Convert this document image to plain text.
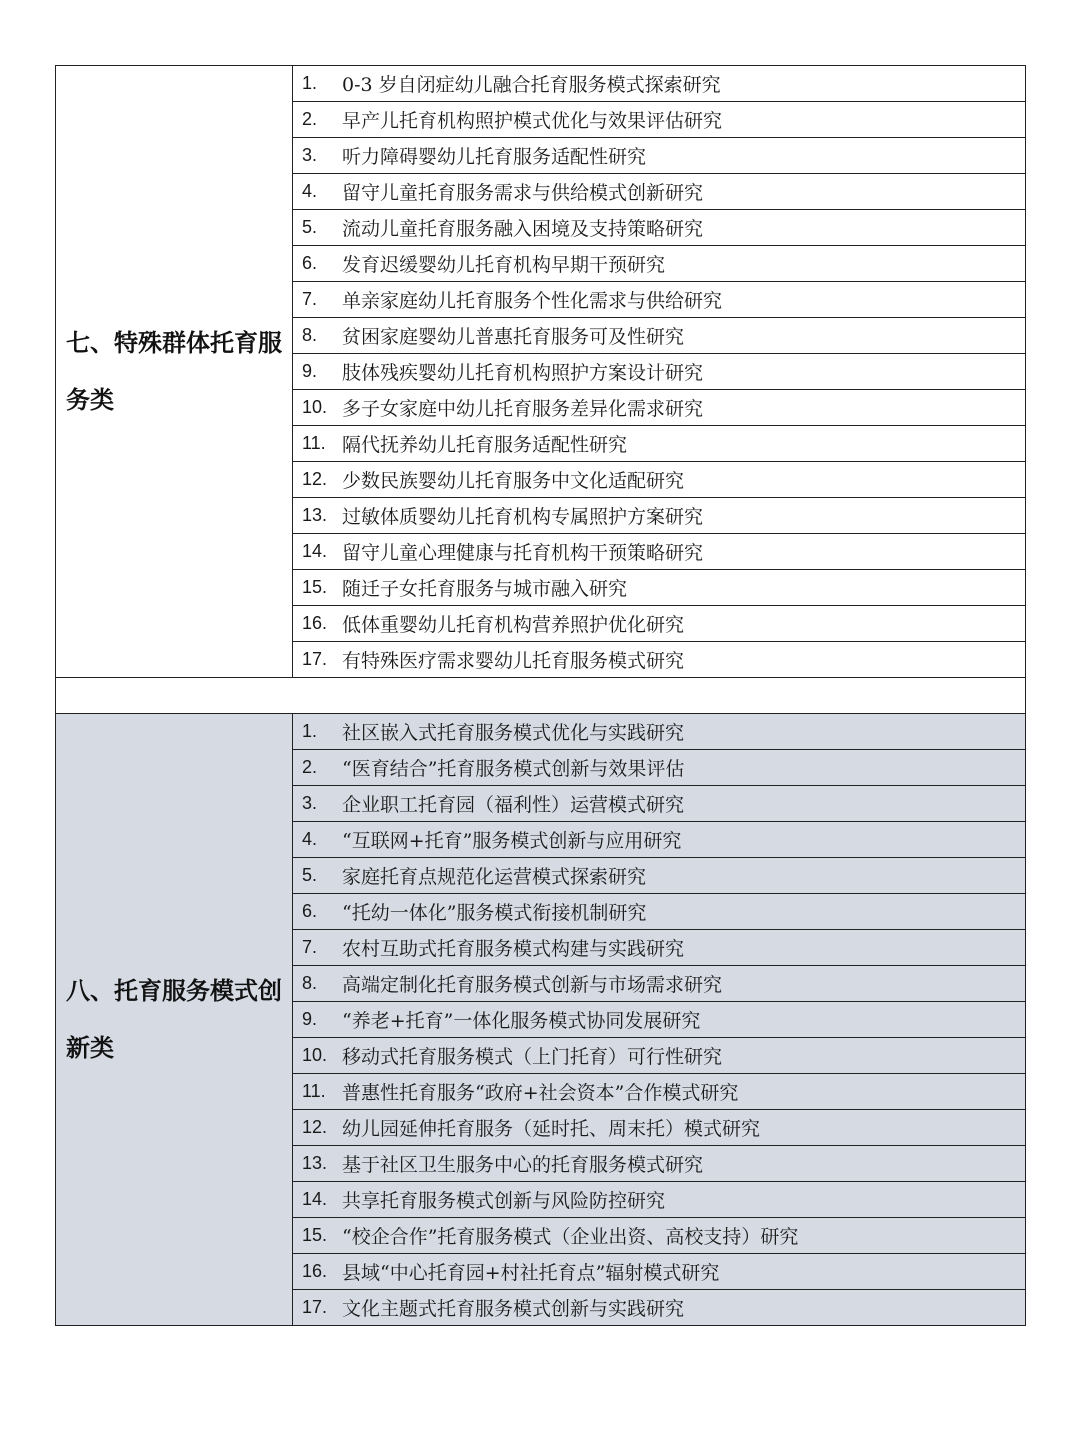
七、特殊群体托育服务类	1. 0-3 岁自闭症幼儿融合托育服务模式探索研究

	2. 早产儿托育机构照护模式优化与效果评估研究

	3. 听力障碍婴幼儿托育服务适配性研究

	4. 留守儿童托育服务需求与供给模式创新研究

	5. 流动儿童托育服务融入困境及支持策略研究

	6. 发育迟缓婴幼儿托育机构早期干预研究

	7. 单亲家庭幼儿托育服务个性化需求与供给研究

	8. 贫困家庭婴幼儿普惠托育服务可及性研究

	9. 肢体残疾婴幼儿托育机构照护方案设计研究

	10. 多子女家庭中幼儿托育服务差异化需求研究

	11. 隔代抚养幼儿托育服务适配性研究

	12. 少数民族婴幼儿托育服务中文化适配研究

	13. 过敏体质婴幼儿托育机构专属照护方案研究

	14. 留守儿童心理健康与托育机构干预策略研究

	15. 随迁子女托育服务与城市融入研究

	16. 低体重婴幼儿托育机构营养照护优化研究

	17. 有特殊医疗需求婴幼儿托育服务模式研究

八、托育服务模式创新类	1. 社区嵌入式托育服务模式优化与实践研究

	2. “医育结合”托育服务模式创新与效果评估

	3. 企业职工托育园（福利性）运营模式研究

	4. “互联网+托育”服务模式创新与应用研究

	5. 家庭托育点规范化运营模式探索研究

	6. “托幼一体化”服务模式衔接机制研究

	7. 农村互助式托育服务模式构建与实践研究

	8. 高端定制化托育服务模式创新与市场需求研究

	9. “养老+托育”一体化服务模式协同发展研究

	10. 移动式托育服务模式（上门托育）可行性研究

	11. 普惠性托育服务“政府+社会资本”合作模式研究

	12. 幼儿园延伸托育服务（延时托、周末托）模式研究

	13. 基于社区卫生服务中心的托育服务模式研究

	14. 共享托育服务模式创新与风险防控研究

	15. “校企合作”托育服务模式（企业出资、高校支持）研究

	16. 县域“中心托育园+村社托育点”辐射模式研究

	17. 文化主题式托育服务模式创新与实践研究
